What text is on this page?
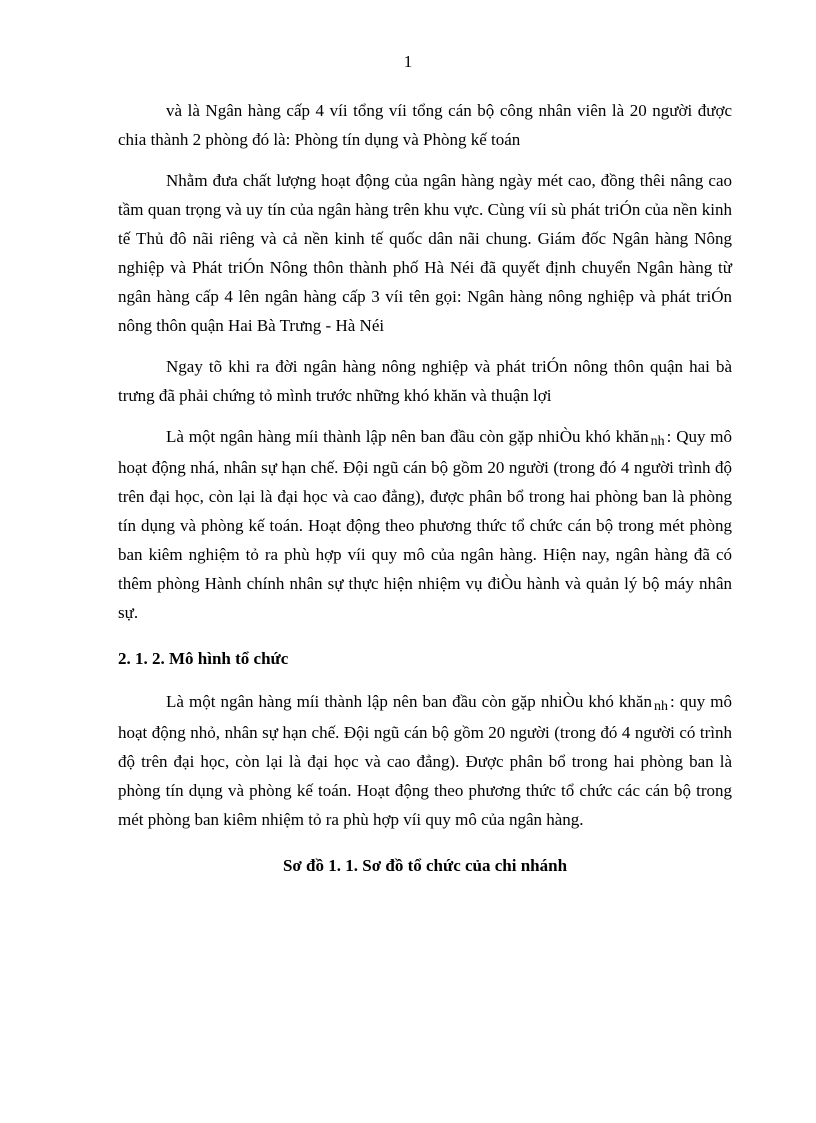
1

và là Ngân hàng cấp 4 víi tổng víi tổng cán bộ công nhân viên là 20 người được chia thành 2 phòng đó là: Phòng tín dụng và Phòng kế toán

Nhằm đưa chất lượng hoạt động của ngân hàng ngày mét cao, đồng thêi nâng cao tầm quan trọng và uy tín của ngân hàng trên khu vực. Cùng víi sù phát triÓn của nền kinh tế Thủ đô nãi riêng và cả nền kinh tế quốc dân nãi chung. Giám đốc Ngân hàng Nông nghiệp và Phát triÓn Nông thôn thành phố Hà Néi đã quyết định chuyển Ngân hàng từ ngân hàng cấp 4 lên ngân hàng cấp 3 víi tên gọi: Ngân hàng nông nghiệp và phát triÓn nông thôn quận Hai Bà Trưng - Hà Néi

Ngay tõ khi ra đời ngân hàng nông nghiệp và phát triÓn nông thôn quận hai bà trưng đã phải chứng tỏ mình trước những khó khăn và thuận lợi

Là một ngân hàng míi thành lập nên ban đầu còn gặp nhiÒu khó khăn nh : Quy mô hoạt động nhá, nhân sự hạn chế. Đội ngũ cán bộ gồm 20 người (trong đó 4 người trình độ trên đại học, còn lại là đại học và cao đẳng), được phân bổ trong hai phòng ban là phòng tín dụng và phòng kế toán. Hoạt động theo phương thức tổ chức cán bộ trong mét phòng ban kiêm nghiệm tỏ ra phù hợp víi quy mô của ngân hàng. Hiện nay, ngân hàng đã có thêm phòng Hành chính nhân sự thực hiện nhiệm vụ điÒu hành và quản lý bộ máy nhân sự.

2. 1. 2. Mô hình tổ chức

Là một ngân hàng míi thành lập nên ban đầu còn gặp nhiÒu khó khăn nh : quy mô hoạt động nhỏ, nhân sự hạn chế. Đội ngũ cán bộ gồm 20 người (trong đó 4 người có trình độ trên đại học, còn lại là đại học và cao đẳng). Được phân bổ trong hai phòng ban là phòng tín dụng và phòng kế toán. Hoạt động theo phương thức tổ chức các cán bộ trong mét phòng ban kiêm nhiệm tỏ ra phù hợp víi quy mô của ngân hàng.

Sơ đồ 1. 1. Sơ đồ tổ chức của chi nhánh
